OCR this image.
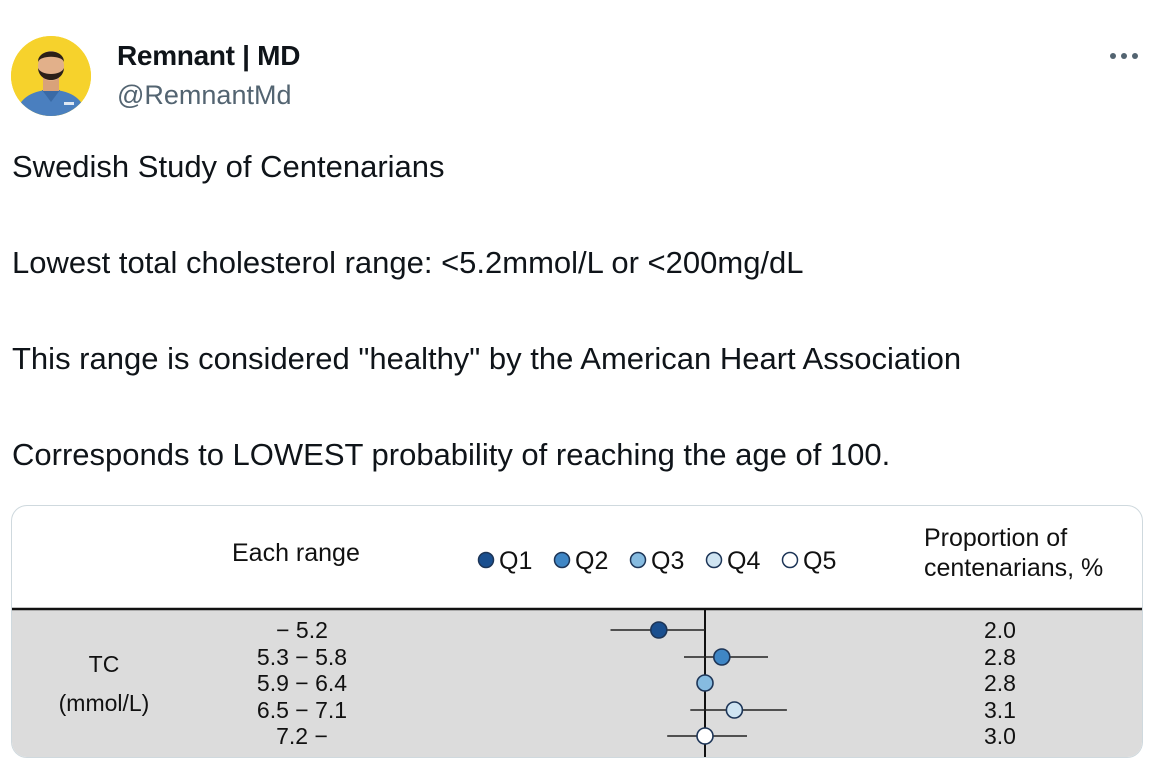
Remnant | MD
@RemnantMd

Swedish Study of Centenarians

Lowest total cholesterol range: <5.2mmol/L or <200mg/dL

This range is considered "healthy" by the American Heart Association

Corresponds to LOWEST probability of reaching the age of 100.

Each range
Proportion of
centenarians, %
TC
(mmol/L)
Q1 Q2 Q3 Q4 Q5
− 5.2	2.0
5.3 − 5.8	2.8
5.9 − 6.4	2.8
6.5 − 7.1	3.1
7.2 −	3.0
